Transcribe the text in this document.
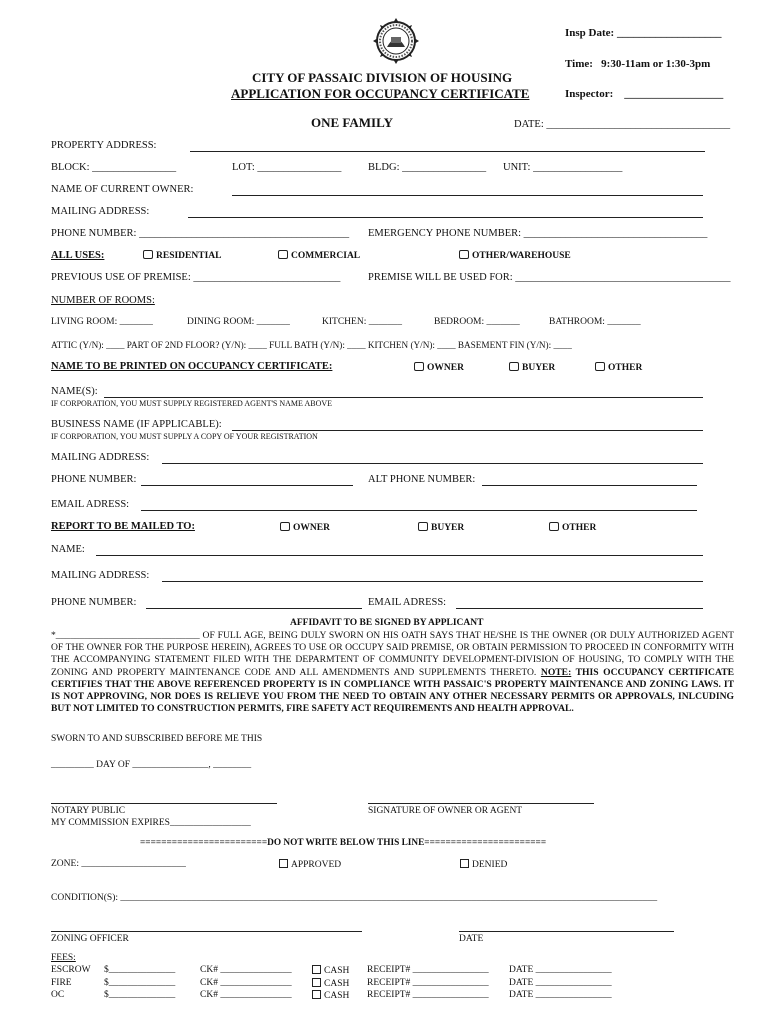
Insp Date: ___________________
Time: 9:30-11am or 1:30-3pm
Inspector: __________________
CITY OF PASSAIC DIVISION OF HOUSING
APPLICATION FOR OCCUPANCY CERTIFICATE
ONE FAMILY	DATE: ___________________________________
PROPERTY ADDRESS:
BLOCK: ________________	LOT: ________________	BLDG: ________________ UNIT: _________________
NAME OF CURRENT OWNER:
MAILING ADDRESS:
PHONE NUMBER: ________________________________________ EMERGENCY PHONE NUMBER: ___________________________________
ALL USES:	RESIDENTIAL	COMMERCIAL	OTHER/WAREHOUSE
PREVIOUS USE OF PREMISE: ____________________________	PREMISE WILL BE USED FOR: _________________________________________
NUMBER OF ROOMS:
LIVING ROOM: _______	DINING ROOM: _______	KITCHEN: _______	BEDROOM: _______	BATHROOM: _______
ATTIC (Y/N): ____ PART OF 2ND FLOOR? (Y/N): ____ FULL BATH (Y/N): ____ KITCHEN (Y/N): ____ BASEMENT FIN (Y/N): ____
NAME TO BE PRINTED ON OCCUPANCY CERTIFICATE:	OWNER	BUYER	OTHER
NAME(S):
IF CORPORATION, YOU MUST SUPPLY REGISTERED AGENT'S NAME ABOVE
BUSINESS NAME (IF APPLICABLE):
IF CORPORATION, YOU MUST SUPPLY A COPY OF YOUR REGISTRATION
MAILING ADDRESS:
PHONE NUMBER:	ALT PHONE NUMBER:
EMAIL ADRESS:
REPORT TO BE MAILED TO:	OWNER	BUYER	OTHER
NAME:
MAILING ADDRESS:
PHONE NUMBER:	EMAIL ADRESS:
AFFIDAVIT TO BE SIGNED BY APPLICANT

*______________________________ OF FULL AGE, BEING DULY SWORN ON HIS OATH SAYS THAT HE/SHE IS THE OWNER (OR DULY AUTHORIZED AGENT OF THE OWNER FOR THE PURPOSE HEREIN), AGREES TO USE OR OCCUPY SAID PREMISE, OR OBTAIN PERMISSION TO PROCEED IN CONFORMITY WITH THE ACCOMPANYING STATEMENT FILED WITH THE DEPARMTENT OF COMMUNITY DEVELOPMENT-DIVISION OF HOUSING, TO COMPLY WITH THE ZONING AND PROPERTY MAINTENANCE CODE AND ALL AMENDMENTS AND SUPPLEMENTS THERETO. NOTE: THIS OCCUPANCY CERTIFICATE CERTIFIES THAT THE ABOVE REFERENCED PROPERTY IS IN COMPLIANCE WITH PASSAIC'S PROPERTY MAINTENANCE AND ZONING LAWS. IT IS NOT APPROVING, NOR DOES IS RELIEVE YOU FROM THE NEED TO OBTAIN ANY OTHER NECESSARY PERMITS OR APPROVALS, INLCUDING BUT NOT LIMITED TO CONSTRUCTION PERMITS, FIRE SAFETY ACT REQUIREMENTS AND HEALTH APPROVAL.

SWORN TO AND SUBSCRIBED BEFORE ME THIS
_________ DAY OF ________________, ________
NOTARY PUBLIC
MY COMMISSION EXPIRES_________________
SIGNATURE OF OWNER OR AGENT
========================DO NOT WRITE BELOW THIS LINE=======================
ZONE: ______________________	APPROVED	DENIED
CONDITION(S): _________________________________________________________________________________________________________________
ZONING OFFICER	DATE
FEES:
ESCROW $______________	CK# _______________	CASH RECEIPT# ________________ DATE ________________
FIRE	$______________	CK# _______________	CASH RECEIPT# ________________ DATE ________________
OC	$______________	CK# _______________	CASH RECEIPT# ________________ DATE ________________
